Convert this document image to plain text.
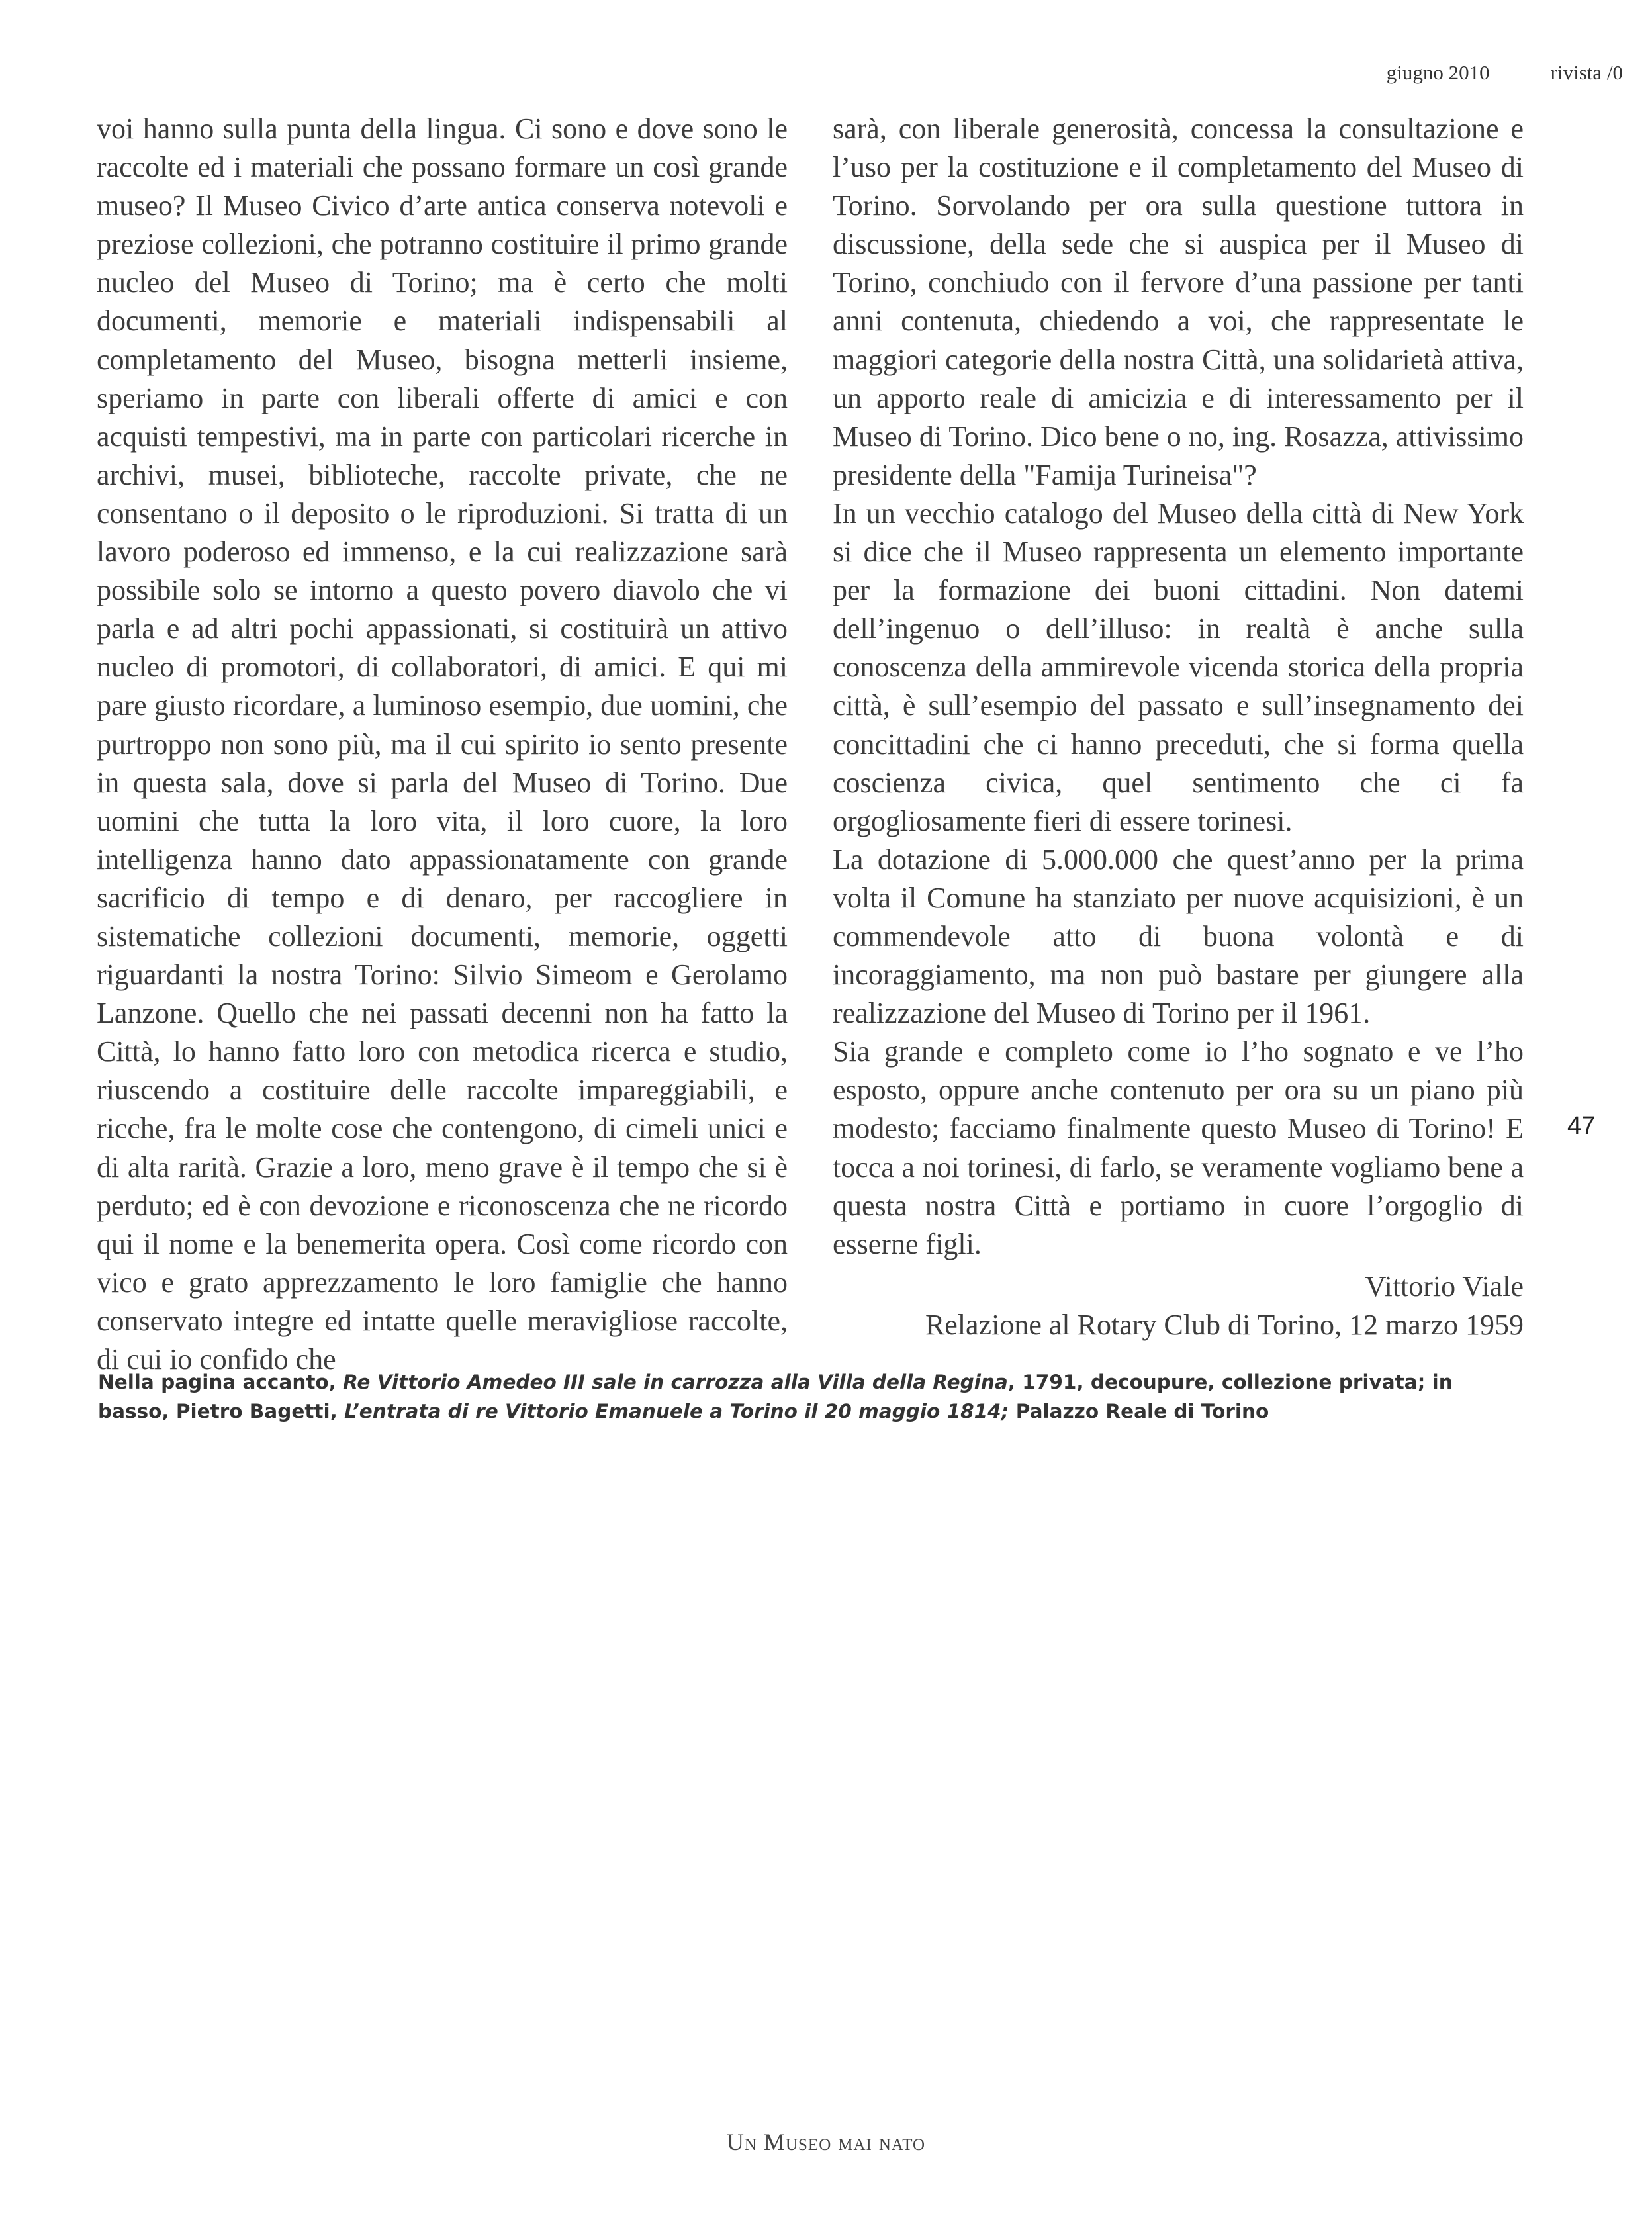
giugno 2010	rivista /0

voi hanno sulla punta della lingua. Ci sono e dove sono le raccolte ed i materiali che possano formare un così grande museo? Il Museo Civico d’arte antica conserva notevoli e preziose collezioni, che potranno costituire il primo grande nucleo del Museo di Torino; ma è certo che molti documenti, memorie e materiali indispensabili al completamento del Museo, bisogna metterli insieme, speriamo in parte con liberali offerte di amici e con acquisti tempestivi, ma in parte con particolari ricerche in archivi, musei, biblioteche, raccolte private, che ne consentano o il deposito o le riproduzioni. Si tratta di un lavoro poderoso ed immenso, e la cui realizzazione sarà possibile solo se intorno a questo povero diavolo che vi parla e ad altri pochi appassionati, si costituirà un attivo nucleo di promotori, di collaboratori, di amici. E qui mi pare giusto ricordare, a luminoso esempio, due uomini, che purtroppo non sono più, ma il cui spirito io sento presente in questa sala, dove si parla del Museo di Torino. Due uomini che tutta la loro vita, il loro cuore, la loro intelligenza hanno dato appassionatamente con grande sacrificio di tempo e di denaro, per raccogliere in sistematiche collezioni documenti, memorie, oggetti riguardanti la nostra Torino: Silvio Simeom e Gerolamo Lanzone. Quello che nei passati decenni non ha fatto la Città, lo hanno fatto loro con metodica ricerca e studio, riuscendo a costituire delle raccolte impareggiabili, e ricche, fra le molte cose che contengono, di cimeli unici e di alta rarità. Grazie a loro, meno grave è il tempo che si è perduto; ed è con devozione e riconoscenza che ne ricordo qui il nome e la benemerita opera. Così come ricordo con vico e grato apprezzamento le loro famiglie che hanno conservato integre ed intatte quelle meravigliose raccolte, di cui io confido che

sarà, con liberale generosità, concessa la consultazione e l’uso per la costituzione e il completamento del Museo di Torino. Sorvolando per ora sulla questione tuttora in discussione, della sede che si auspica per il Museo di Torino, conchiudo con il fervore d’una passione per tanti anni contenuta, chiedendo a voi, che rappresentate le maggiori categorie della nostra Città, una solidarietà attiva, un apporto reale di amicizia e di interessamento per il Museo di Torino. Dico bene o no, ing. Rosazza, attivissimo presidente della "Famija Turineisa"?

In un vecchio catalogo del Museo della città di New York si dice che il Museo rappresenta un elemento importante per la formazione dei buoni cittadini. Non datemi dell’ingenuo o dell’illuso: in realtà è anche sulla conoscenza della ammirevole vicenda storica della propria città, è sull’esempio del passato e sull’insegnamento dei concittadini che ci hanno preceduti, che si forma quella coscienza civica, quel sentimento che ci fa orgogliosamente fieri di essere torinesi.

La dotazione di 5.000.000 che quest’anno per la prima volta il Comune ha stanziato per nuove acquisizioni, è un commendevole atto di buona volontà e di incoraggiamento, ma non può bastare per giungere alla realizzazione del Museo di Torino per il 1961.

Sia grande e completo come io l’ho sognato e ve l’ho esposto, oppure anche contenuto per ora su un piano più modesto; facciamo finalmente questo Museo di Torino! E tocca a noi torinesi, di farlo, se veramente vogliamo bene a questa nostra Città e portiamo in cuore l’orgoglio di esserne figli.

Vittorio Viale

Relazione al Rotary Club di Torino, 12 marzo 1959

47
Nella pagina accanto, Re Vittorio Amedeo III sale in carrozza alla Villa della Regina, 1791, decoupure, collezione privata; in basso, Pietro Bagetti, L’entrata di re Vittorio Emanuele a Torino il 20 maggio 1814; Palazzo Reale di Torino
Un Museo mai nato
